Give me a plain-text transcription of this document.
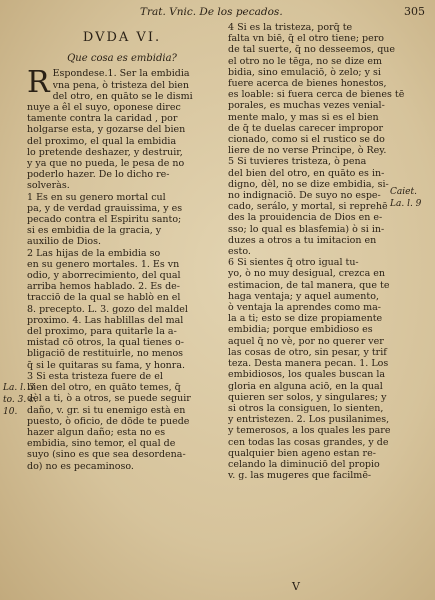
Trat. Vnic. De los pecados.	305
DVDA VI.
Que cosa es embidia?
R Espondese.1. Ser la embidia
vna pena, ò tristeza del bien
del otro, en quāto se le dismi
nuye a êl el suyo, oponese direc
tamente contra la caridad , por
holgarse esta, y gozarse del bien
del proximo, el qual la embidia
lo pretende deshazer, y destruir,
y ya que no pueda, le pesa de no
poderlo hazer. De lo dicho re-
solveràs.
1 Es en su genero mortal cul
pa, y de verdad grauissima, y es
pecado contra el Espiritu santo;
si es embidia de la gracia, y
auxilio de Dios.
2 Las hijas de la embidia so
en su genero mortales. 1. Es vn
odio, y aborrecimiento, del qual
arriba hemos hablado. 2. Es de-
tracciō de la qual se hablò en el
8. precepto. L. 3. gozo del maldel
proximo. 4. Las hablillas del mal
del proximo, para quitarle la a-
mistad cō otros, la qual tienes o-
bligaciō de restituirle, no menos
q̄ si le quitaras su fama, y honra.
3 Si esta tristeza fuere de el
bien del otro, en quāto temes, q̄
dèl a ti, ò a otros, se puede seguir
daño, v. gr. si tu enemigo està en
puesto, ò oficio, de dōde te puede
hazer algun daño; esta no es
embidia, sino temor, el qual de
suyo (sino es que sea desordena-
do) no es pecaminoso.
4 Si es la tristeza, porq̄ te
falta vn biē, q̄ el otro tiene; pero
de tal suerte, q̄ no desseemos, que
el otro no le tēga, no se dize em
bidia, sino emulaciō, ò zelo; y si
fuere acerca de bienes honestos,
es loable: si fuera cerca de bienes tē
porales, es muchas vezes venial-
mente malo, y mas si es el bien
de q̄ te duelas carecer impropor
cionado, como si el rustico se do
liere de no verse Principe, ò Rey.
5 Si tuvieres tristeza, ò pena
del bien del otro, en quāto es in-
digno, dèl, no se dize embidia, si-
no indignaciō. De suyo no espe-
cado, serálo, y mortal, si reprehē
des la prouidencia de Dios en e-
sso; lo qual es blasfemia) ò si in-
duzes a otros a tu imitacion en
esto.
6 Si sientes q̄ otro igual tu-
yo, ò no muy desigual, crezca en
estimacion, de tal manera, que te
haga ventaja; y aquel aumento,
ò ventaja la aprendes como ma-
la a ti; esto se dize propiamente
embidia; porque embidioso es
aquel q̄ no vè, por no querer ver
las cosas de otro, sin pesar, y trif
teza. Desta manera pecan. 1. Los
embidiosos, los quales buscan la
gloria en alguna aciō, en la qual
quieren ser solos, y singulares; y
si otros la consiguen, lo sienten,
y entristezen. 2. Los pusilanimes,
y temerosos, a los quales les pare
cen todas las cosas grandes, y de
qualquier bien ageno estan re-
celando la diminuciō del propio
v. g. las mugeres que facilmē-
Caiet.
La. l. 9
La. l. 3
to. 3. c.
10.
V
